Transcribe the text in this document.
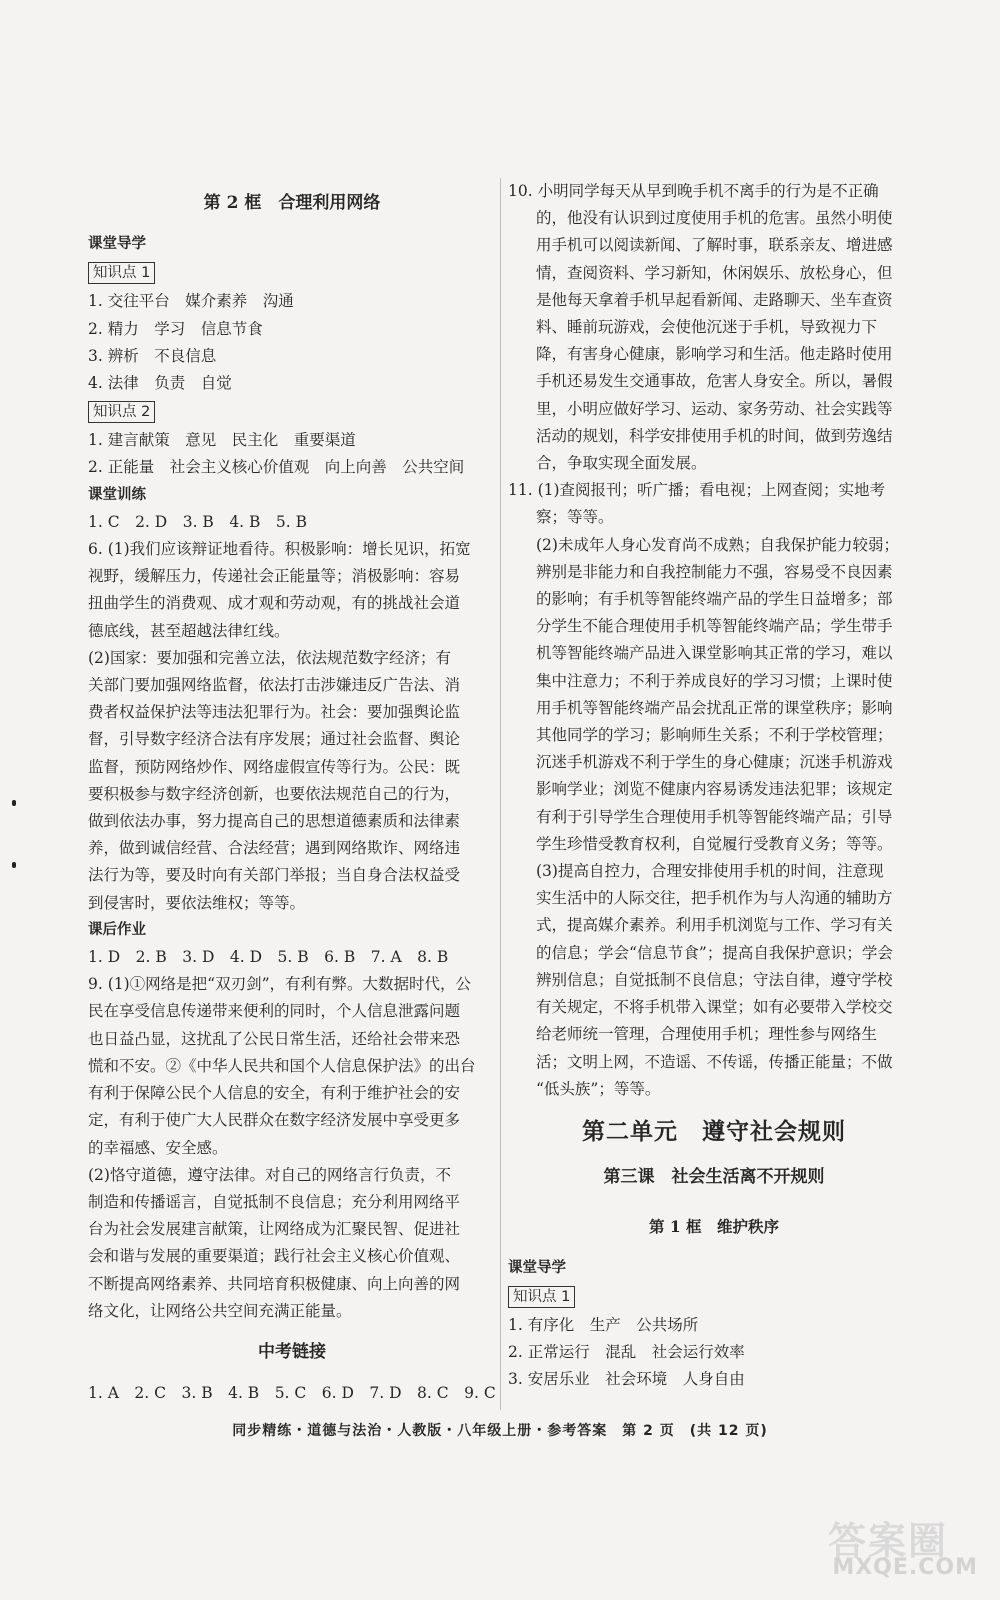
第 2 框　合理利用网络
课堂导学
知识点 1
1. 交往平台　媒介素养　沟通
2. 精力　学习　信息节食
3. 辨析　不良信息
4. 法律　负责　自觉
知识点 2
1. 建言献策　意见　民主化　重要渠道
2. 正能量　社会主义核心价值观　向上向善　公共空间
课堂训练
1. C　2. D　3. B　4. B　5. B
6. (1)我们应该辩证地看待。积极影响：增长见识，拓宽
视野，缓解压力，传递社会正能量等；消极影响：容易
扭曲学生的消费观、成才观和劳动观，有的挑战社会道
德底线，甚至超越法律红线。
(2)国家：要加强和完善立法，依法规范数字经济；有
关部门要加强网络监督，依法打击涉嫌违反广告法、消
费者权益保护法等违法犯罪行为。社会：要加强舆论监
督，引导数字经济合法有序发展；通过社会监督、舆论
监督，预防网络炒作、网络虚假宣传等行为。公民：既
要积极参与数字经济创新，也要依法规范自己的行为，
做到依法办事，努力提高自己的思想道德素质和法律素
养，做到诚信经营、合法经营；遇到网络欺诈、网络违
法行为等，要及时向有关部门举报；当自身合法权益受
到侵害时，要依法维权；等等。
课后作业
1. D　2. B　3. D　4. D　5. B　6. B　7. A　8. B
9. (1)①网络是把“双刃剑”，有利有弊。大数据时代，公
民在享受信息传递带来便利的同时，个人信息泄露问题
也日益凸显，这扰乱了公民日常生活，还给社会带来恐
慌和不安。②《中华人民共和国个人信息保护法》的出台
有利于保障公民个人信息的安全，有利于维护社会的安
定，有利于使广大人民群众在数字经济发展中享受更多
的幸福感、安全感。
(2)恪守道德，遵守法律。对自己的网络言行负责，不
制造和传播谣言，自觉抵制不良信息；充分利用网络平
台为社会发展建言献策，让网络成为汇聚民智、促进社
会和谐与发展的重要渠道；践行社会主义核心价值观、
不断提高网络素养、共同培育积极健康、向上向善的网
络文化，让网络公共空间充满正能量。
中考链接
1. A　2. C　3. B　4. B　5. C　6. D　7. D　8. C　9. C
10. 小明同学每天从早到晚手机不离手的行为是不正确
的，他没有认识到过度使用手机的危害。虽然小明使
用手机可以阅读新闻、了解时事，联系亲友、增进感
情，查阅资料、学习新知，休闲娱乐、放松身心，但
是他每天拿着手机早起看新闻、走路聊天、坐车查资
料、睡前玩游戏，会使他沉迷于手机，导致视力下
降，有害身心健康，影响学习和生活。他走路时使用
手机还易发生交通事故，危害人身安全。所以，暑假
里，小明应做好学习、运动、家务劳动、社会实践等
活动的规划，科学安排使用手机的时间，做到劳逸结
合，争取实现全面发展。
11. (1)查阅报刊；听广播；看电视；上网查阅；实地考
察；等等。
(2)未成年人身心发育尚不成熟；自我保护能力较弱；
辨别是非能力和自我控制能力不强，容易受不良因素
的影响；有手机等智能终端产品的学生日益增多；部
分学生不能合理使用手机等智能终端产品；学生带手
机等智能终端产品进入课堂影响其正常的学习，难以
集中注意力；不利于养成良好的学习习惯；上课时使
用手机等智能终端产品会扰乱正常的课堂秩序；影响
其他同学的学习；影响师生关系；不利于学校管理；
沉迷手机游戏不利于学生的身心健康；沉迷手机游戏
影响学业；浏览不健康内容易诱发违法犯罪；该规定
有利于引导学生合理使用手机等智能终端产品；引导
学生珍惜受教育权利，自觉履行受教育义务；等等。
(3)提高自控力，合理安排使用手机的时间，注意现
实生活中的人际交往，把手机作为与人沟通的辅助方
式，提高媒介素养。利用手机浏览与工作、学习有关
的信息；学会“信息节食”；提高自我保护意识；学会
辨别信息；自觉抵制不良信息；守法自律，遵守学校
有关规定，不将手机带入课堂；如有必要带入学校交
给老师统一管理，合理使用手机；理性参与网络生
活；文明上网，不造谣、不传谣，传播正能量；不做
“低头族”；等等。
第二单元　遵守社会规则
第三课　社会生活离不开规则
第 1 框　维护秩序
课堂导学
知识点 1
1. 有序化　生产　公共场所
2. 正常运行　混乱　社会运行效率
3. 安居乐业　社会环境　人身自由
同步精练・道德与法治・人教版・八年级上册・参考答案　第 2 页　(共 12 页)
答案圈
MXQE.COM
